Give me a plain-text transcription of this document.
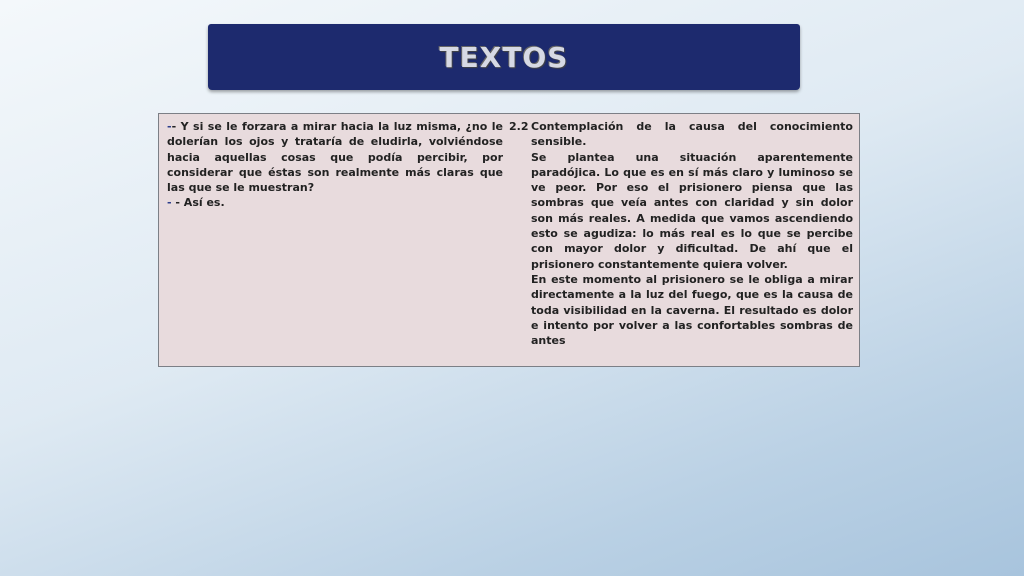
TEXTOS

-- Y si se le forzara a mirar hacia la luz misma, ¿no le dolerían los ojos y trataría de eludirla, volviéndose hacia aquellas cosas que podía percibir, por considerar que éstas son realmente más claras que las que se le muestran?

- - Así es.

2.2 Contemplación de la causa del conocimiento sensible.

Se plantea una situación aparentemente paradójica. Lo que es en sí más claro y luminoso se ve peor. Por eso el prisionero piensa que las sombras que veía antes con claridad y sin dolor son más reales. A medida que vamos ascendiendo esto se agudiza: lo más real es lo que se percibe con mayor dolor y dificultad. De ahí que el prisionero constantemente quiera volver.

En este momento al prisionero se le obliga a mirar directamente a la luz del fuego, que es la causa de toda visibilidad en la caverna. El resultado es dolor e intento por volver a las confortables sombras de antes
